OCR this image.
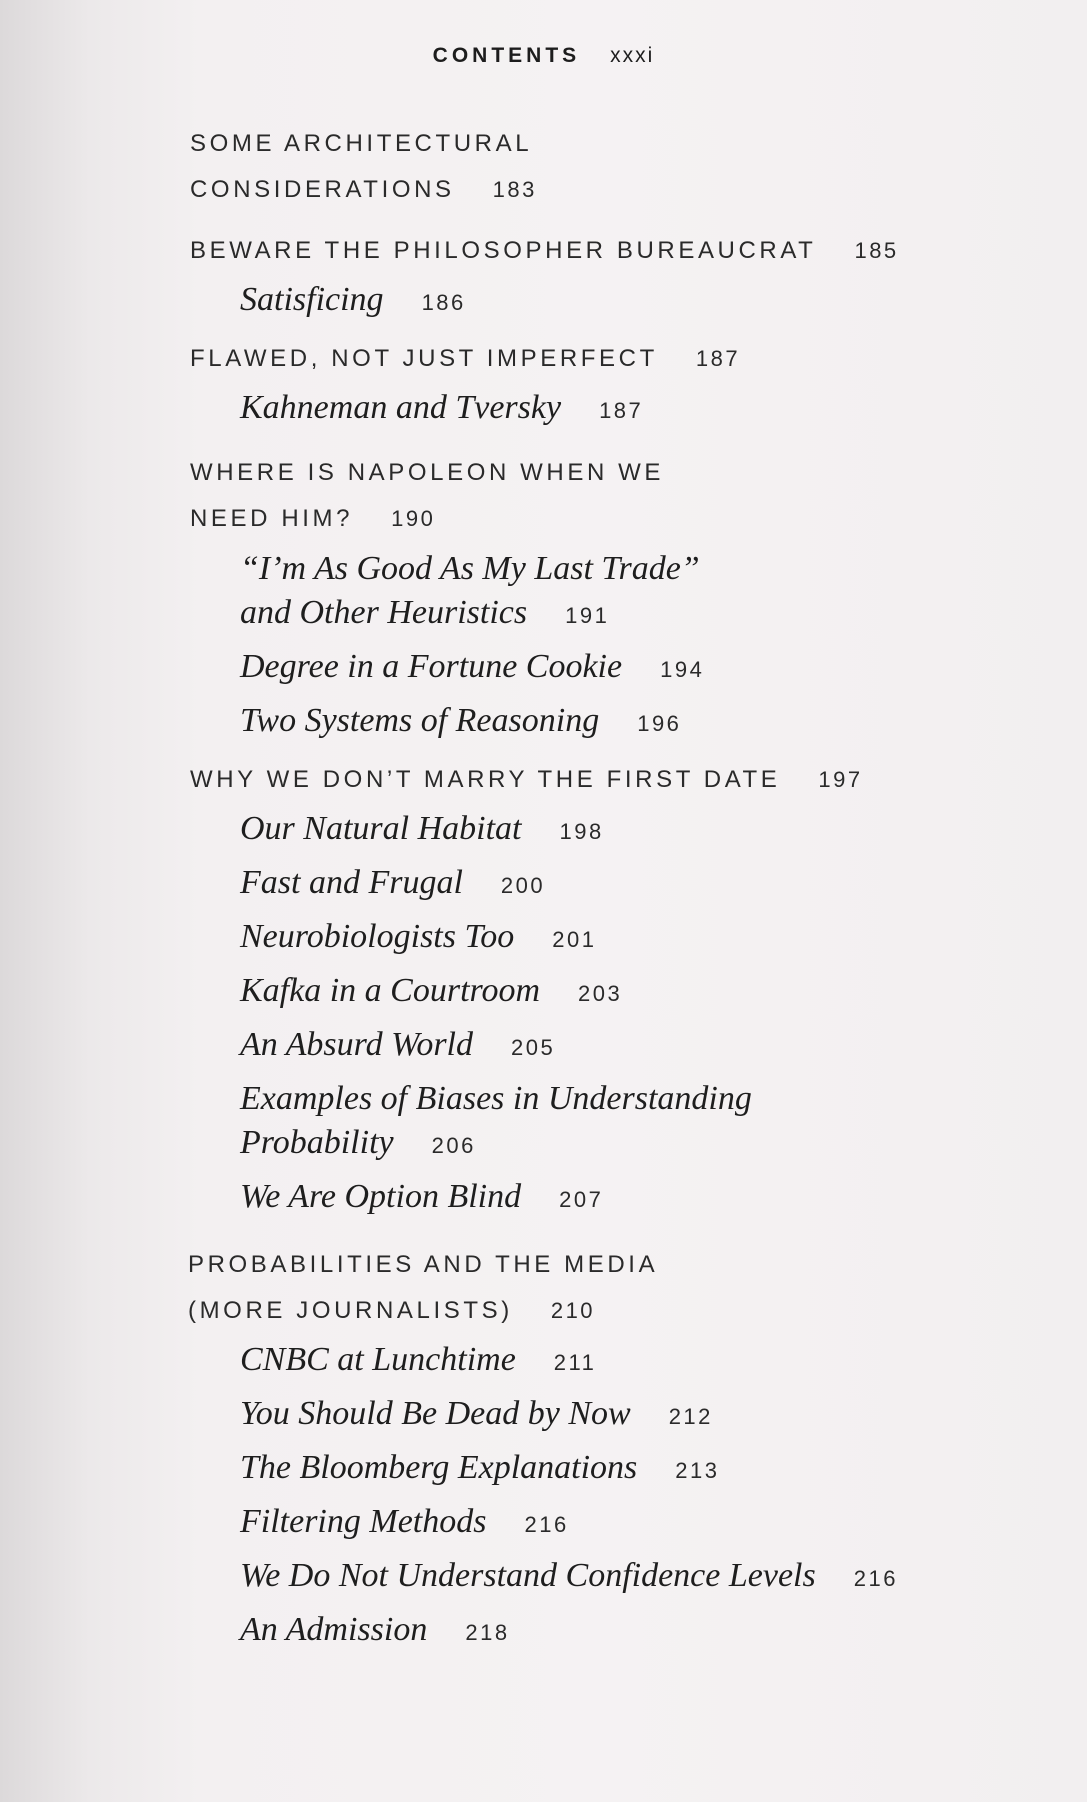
CONTENTS xxxi
SOME ARCHITECTURAL
CONSIDERATIONS 183
BEWARE THE PHILOSOPHER BUREAUCRAT 185
Satisficing 186
FLAWED, NOT JUST IMPERFECT 187
Kahneman and Tversky 187
WHERE IS NAPOLEON WHEN WE
NEED HIM? 190
“I’m As Good As My Last Trade”
and Other Heuristics 191
Degree in a Fortune Cookie 194
Two Systems of Reasoning 196
WHY WE DON’T MARRY THE FIRST DATE 197
Our Natural Habitat 198
Fast and Frugal 200
Neurobiologists Too 201
Kafka in a Courtroom 203
An Absurd World 205
Examples of Biases in Understanding
Probability 206
We Are Option Blind 207
PROBABILITIES AND THE MEDIA
(MORE JOURNALISTS) 210
CNBC at Lunchtime 211
You Should Be Dead by Now 212
The Bloomberg Explanations 213
Filtering Methods 216
We Do Not Understand Confidence Levels 216
An Admission 218
